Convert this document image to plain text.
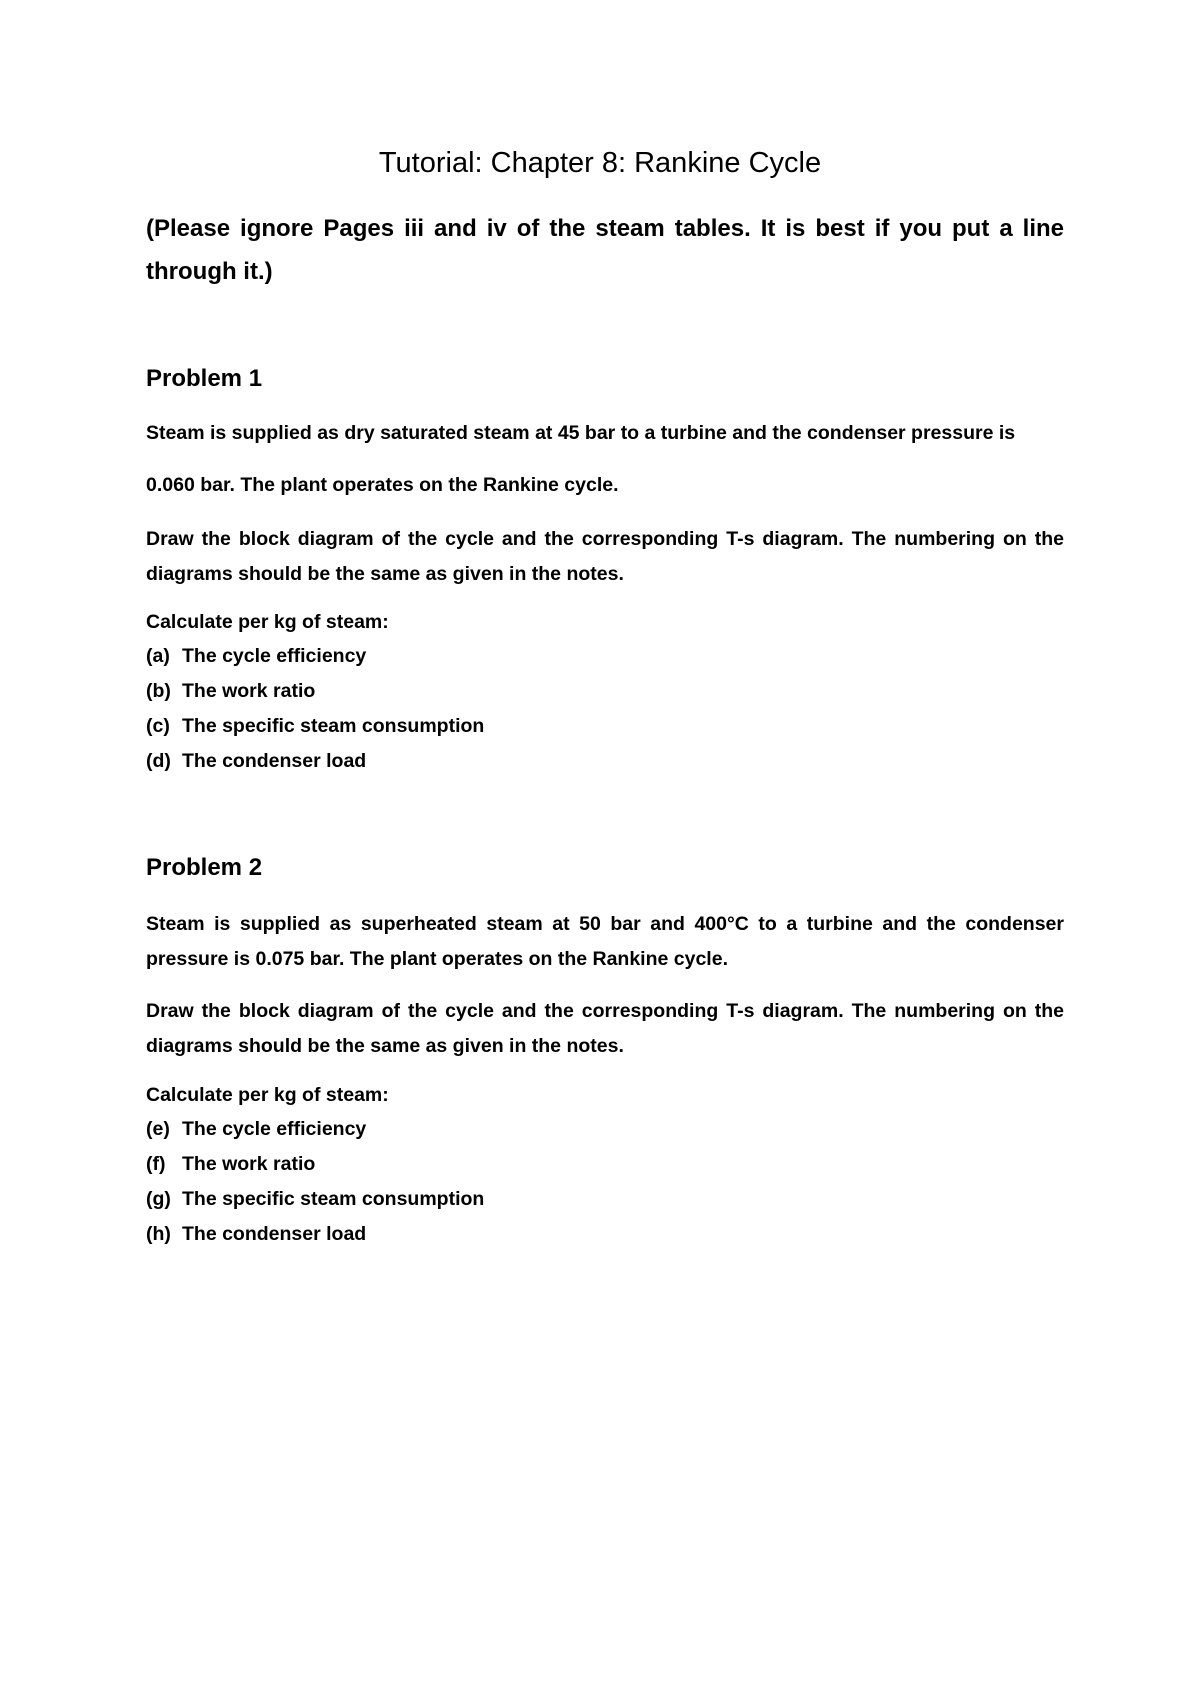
Tutorial: Chapter 8: Rankine Cycle

(Please ignore Pages iii and iv of the steam tables. It is best if you put a line through it.)

Problem 1

Steam is supplied as dry saturated steam at 45 bar to a turbine and the condenser pressure is

0.060 bar. The plant operates on the Rankine cycle.

Draw the block diagram of the cycle and the corresponding T-s diagram. The numbering on the diagrams should be the same as given in the notes.

Calculate per kg of steam:

(a) The cycle efficiency
(b) The work ratio
(c) The specific steam consumption
(d) The condenser load
Problem 2

Steam is supplied as superheated steam at 50 bar and 400°C to a turbine and the condenser pressure is 0.075 bar. The plant operates on the Rankine cycle.

Draw the block diagram of the cycle and the corresponding T-s diagram. The numbering on the diagrams should be the same as given in the notes.

Calculate per kg of steam:

(e) The cycle efficiency
(f) The work ratio
(g) The specific steam consumption
(h) The condenser load
